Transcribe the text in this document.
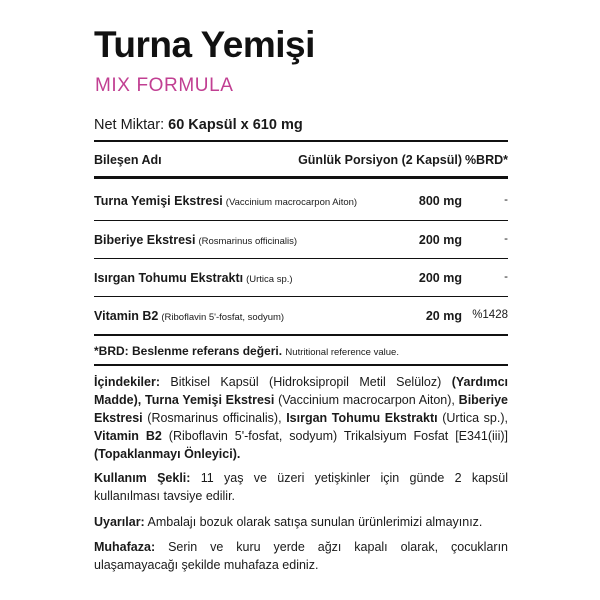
Turna Yemişi
MIX FORMULA
Net Miktar: 60 Kapsül x 610 mg
Bileşen Adı	Günlük Porsiyon (2 Kapsül) %BRD*
Turna Yemişi Ekstresi (Vaccinium macrocarpon Aiton)	800 mg	-
Biberiye Ekstresi (Rosmarinus officinalis)	200 mg	-
Isırgan Tohumu Ekstraktı (Urtica sp.)	200 mg	-
Vitamin B2 (Riboflavin 5'-fosfat, sodyum)	20 mg %1428
*BRD: Beslenme referans değeri. Nutritional reference value.
İçindekiler: Bitkisel Kapsül (Hidroksipropil Metil Selüloz) (Yardımcı Madde), Turna Yemişi Ekstresi (Vaccinium macrocarpon Aiton), Biberiye Ekstresi (Rosmarinus officinalis), Isırgan Tohumu Ekstraktı (Urtica sp.), Vitamin B2 (Riboflavin 5'-fosfat, sodyum) Trikalsiyum Fosfat [E341(iii)] (Topaklanmayı Önleyici).
Kullanım Şekli: 11 yaş ve üzeri yetişkinler için günde 2 kapsül kullanılması tavsiye edilir.
Uyarılar: Ambalajı bozuk olarak satışa sunulan ürünlerimizi almayınız.
Muhafaza: Serin ve kuru yerde ağzı kapalı olarak, çocukların ulaşamayacağı şekilde muhafaza ediniz.
